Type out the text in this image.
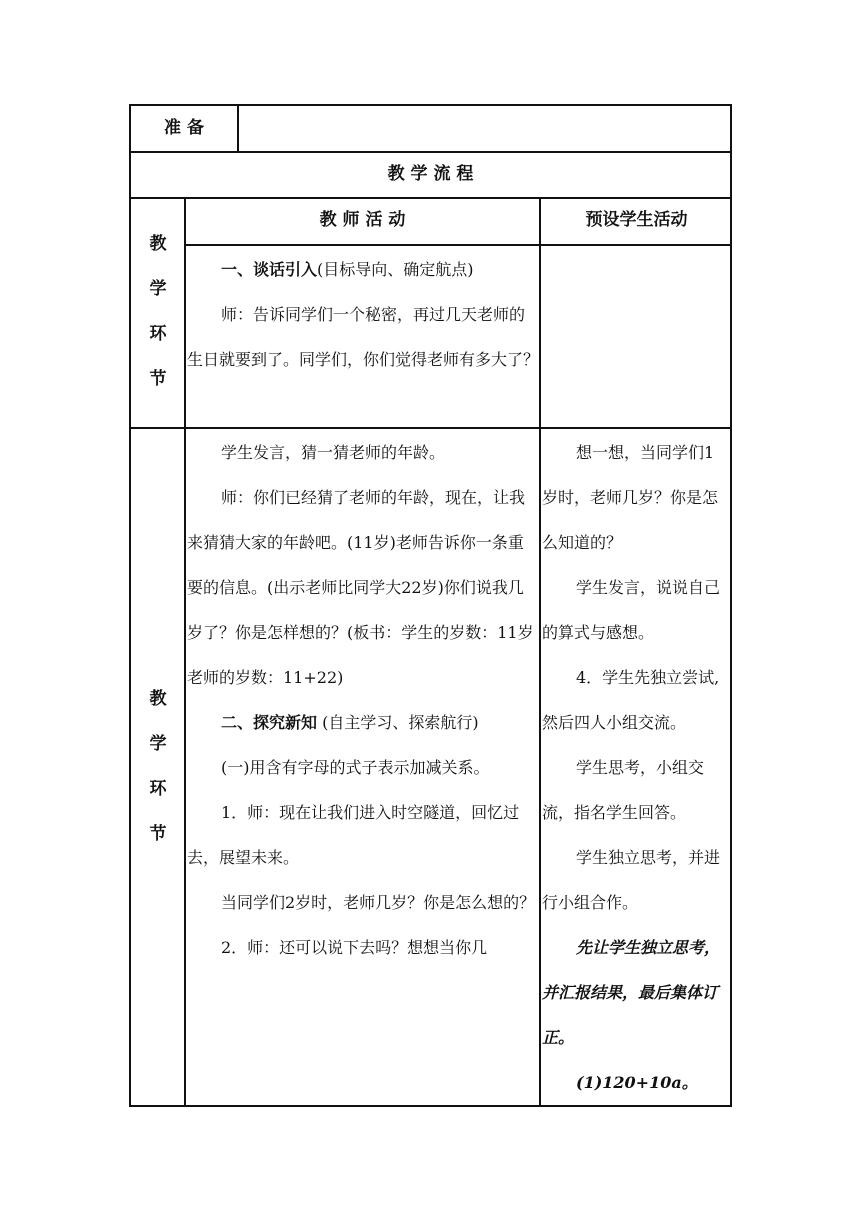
准 备
教 学 流 程
教 师 活 动	预设学生活动
教
学
环
节
教
学
环
节

一、谈话引入(目标导向、确定航点)

师：告诉同学们一个秘密，再过几天老师的生日就要到了。同学们，你们觉得老师有多大了？

学生发言，猜一猜老师的年龄。

师：你们已经猜了老师的年龄，现在，让我来猜猜大家的年龄吧。(11岁)老师告诉你一条重要的信息。(出示老师比同学大22岁)你们说我几岁了？你是怎样想的？(板书：学生的岁数：11岁 老师的岁数：11+22)

二、探究新知 (自主学习、探索航行)

(一)用含有字母的式子表示加减关系。

1．师：现在让我们进入时空隧道，回忆过去，展望未来。

当同学们2岁时，老师几岁？你是怎么想的？

2．师：还可以说下去吗？想想当你几

想一想，当同学们1岁时，老师几岁？你是怎么知道的？

学生发言，说说自己的算式与感想。

4．学生先独立尝试,然后四人小组交流。

学生思考，小组交流，指名学生回答。

学生独立思考，并进行小组合作。

先让学生独立思考，并汇报结果，最后集体订正。

(1)120+10a。
